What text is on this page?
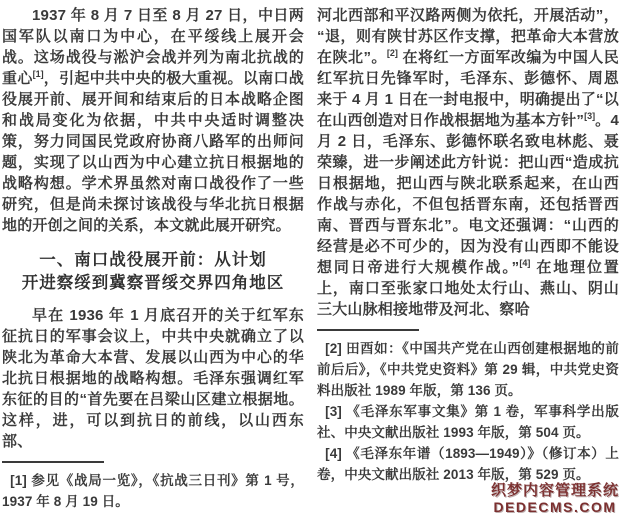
1937 年 8 月 7 日至 8 月 27 日，中日两国军队以南口为中心，在平绥线上展开会战。这场战役与淞沪会战并列为南北抗战的重心[1]，引起中共中央的极大重视。以南口战役展开前、展开间和结束后的日本战略企图和战局变化为依据，中共中央适时调整决策，努力同国民党政府协商八路军的出师问题，实现了以山西为中心建立抗日根据地的战略构想。学术界虽然对南口战役作了一些研究，但是尚未探讨该战役与华北抗日根据地的开创之间的关系，本文就此展开研究。

一、南口战役展开前：从计划
开进察绥到冀察晋绥交界四角地区

早在 1936 年 1 月底召开的关于红军东征抗日的军事会议上，中共中央就确立了以陕北为革命大本营、发展以山西为中心的华北抗日根据地的战略构想。毛泽东强调红军东征的目的“首先要在吕梁山区建立根据地。这样，进，可以到抗日的前线，以山西东部、

[1] 参见《战局一览》，《抗战三日刊》第 1 号，1937 年 8 月 19 日。

河北西部和平汉路两侧为依托，开展活动”，“退，则有陕甘苏区作支撑，把革命大本营放在陕北”。[2] 在将红一方面军改编为中国人民红军抗日先锋军时，毛泽东、彭德怀、周恩来于 4 月 1 日在一封电报中，明确提出了“以在山西创造对日作战根据地为基本方针”[3]。4 月 2 日，毛泽东、彭德怀联名致电林彪、聂荣臻，进一步阐述此方针说：把山西“造成抗日根据地，把山西与陕北联系起来，在山西作战与赤化，不但包括晋东南，还包括晋西南、晋西与晋东北”。电文还强调：“山西的经营是必不可少的，因为没有山西即不能设想同日帝进行大规模作战。”[4] 在地理位置上，南口至张家口地处太行山、燕山、阴山三大山脉相接地带及河北、察哈

[2] 田酉如：《中国共产党在山西创建根据地的前前后后》，《中共党史资料》第 29 辑，中共党史资料出版社 1989 年版，第 136 页。

[3] 《毛泽东军事文集》第 1 卷，军事科学出版社、中央文献出版社 1993 年版，第 504 页。

[4] 《毛泽东年谱（1893—1949）》（修订本）上卷，中央文献出版社 2013 年版，第 529 页。

织梦内容管理系统
DEDECMS.COM
